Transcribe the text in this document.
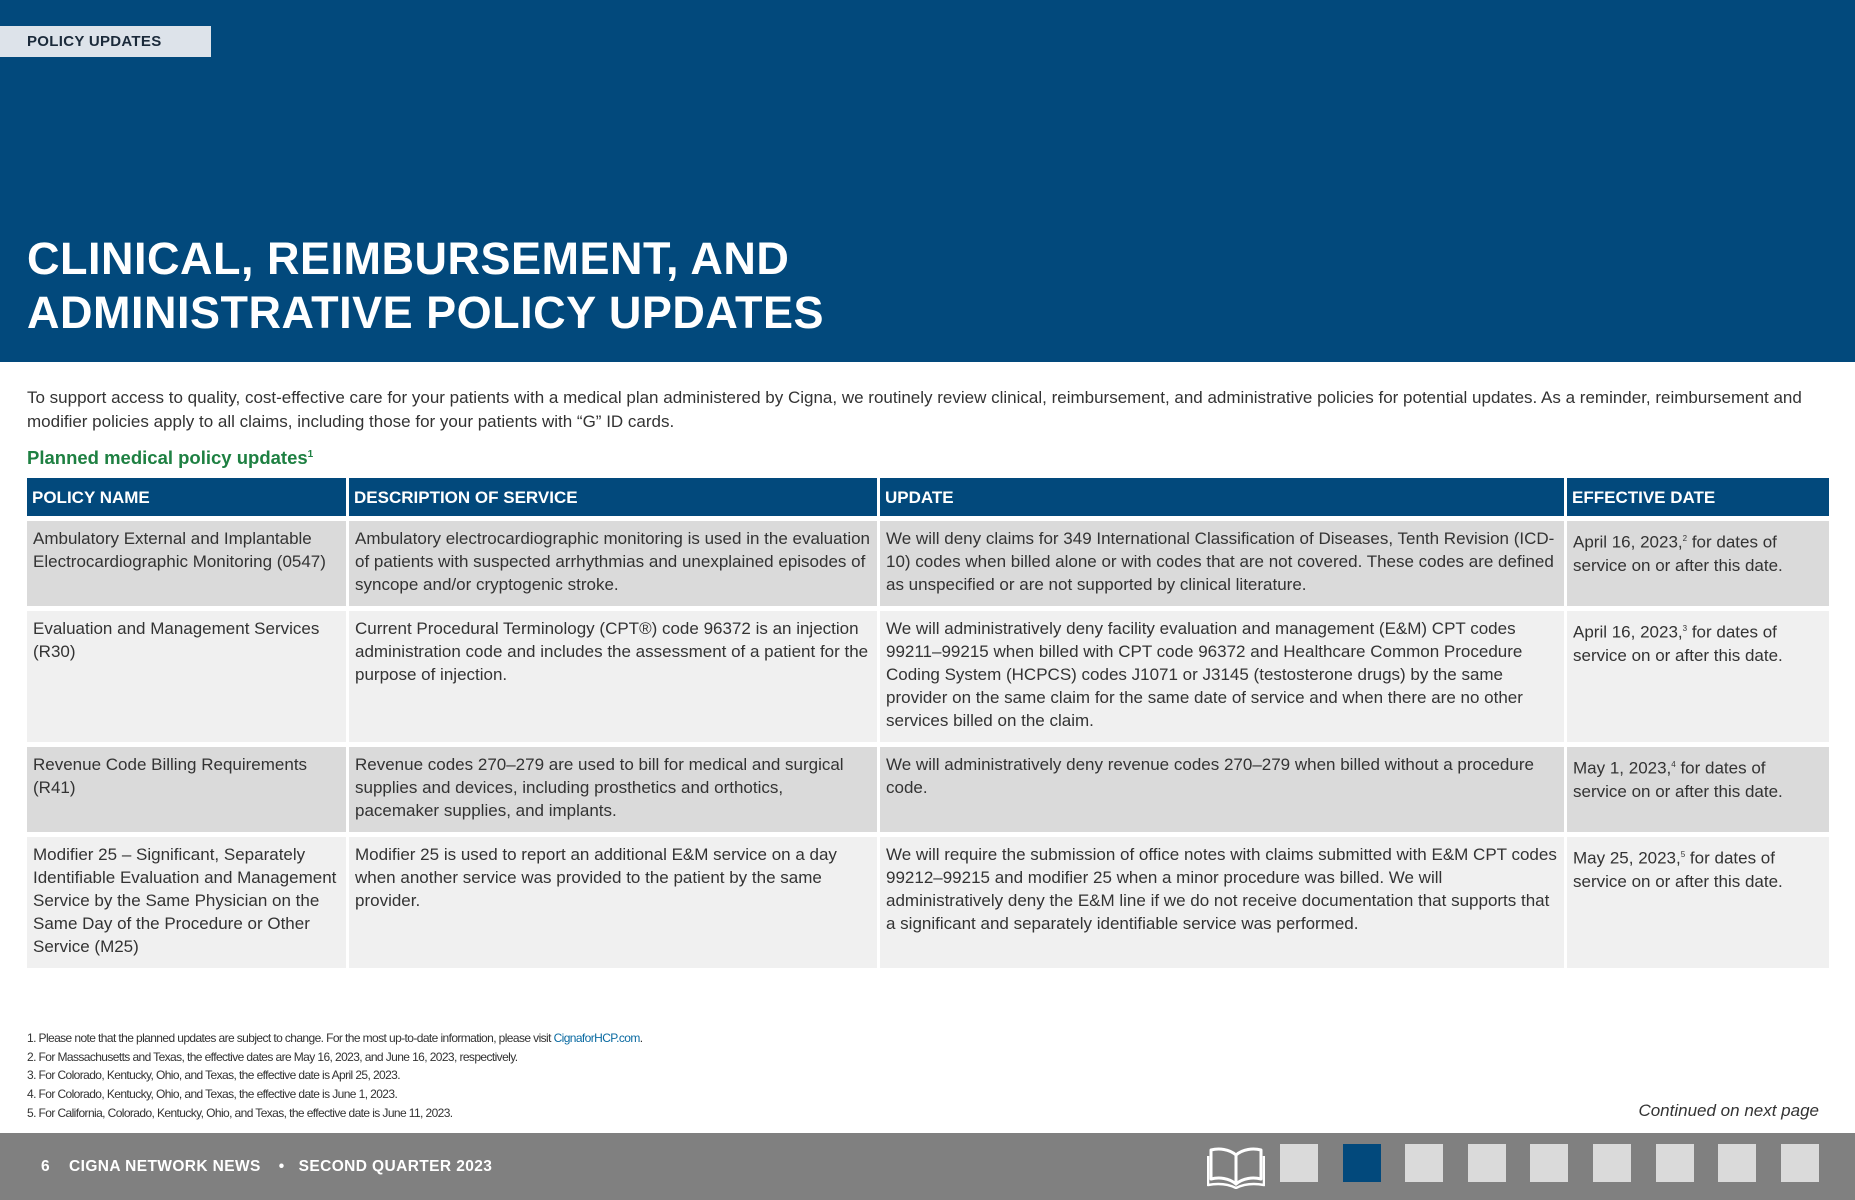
POLICY UPDATES
CLINICAL, REIMBURSEMENT, AND
ADMINISTRATIVE POLICY UPDATES

To support access to quality, cost-effective care for your patients with a medical plan administered by Cigna, we routinely review clinical, reimbursement, and administrative policies for potential updates. As a reminder, reimbursement and modifier policies apply to all claims, including those for your patients with “G” ID cards.

Planned medical policy updates$^1$
POLICY NAME	DESCRIPTION OF SERVICE	UPDATE	EFFECTIVE DATE
Ambulatory External and Implantable Electrocardiographic Monitoring (0547)	Ambulatory electrocardiographic monitoring is used in the evaluation of patients with suspected arrhythmias and unexplained episodes of syncope and/or cryptogenic stroke.	We will deny claims for 349 International Classification of Diseases, Tenth Revision (ICD-10) codes when billed alone or with codes that are not covered. These codes are defined as unspecified or are not supported by clinical literature.	April 16, 2023,$^2$ for dates of service on or after this date.
Evaluation and Management Services (R30)	Current Procedural Terminology (CPT®) code 96372 is an injection administration code and includes the assessment of a patient for the purpose of injection.	We will administratively deny facility evaluation and management (E&M) CPT codes 99211–99215 when billed with CPT code 96372 and Healthcare Common Procedure Coding System (HCPCS) codes J1071 or J3145 (testosterone drugs) by the same provider on the same claim for the same date of service and when there are no other services billed on the claim.	April 16, 2023,$^3$ for dates of service on or after this date.
Revenue Code Billing Requirements (R41)	Revenue codes 270–279 are used to bill for medical and surgical supplies and devices, including prosthetics and orthotics, pacemaker supplies, and implants.	We will administratively deny revenue codes 270–279 when billed without a procedure code.	May 1, 2023,$^4$ for dates of service on or after this date.
Modifier 25 – Significant, Separately Identifiable Evaluation and Management Service by the Same Physician on the Same Day of the Procedure or Other Service (M25)	Modifier 25 is used to report an additional E&M service on a day when another service was provided to the patient by the same provider.	We will require the submission of office notes with claims submitted with E&M CPT codes 99212–99215 and modifier 25 when a minor procedure was billed. We will administratively deny the E&M line if we do not receive documentation that supports that a significant and separately identifiable service was performed.	May 25, 2023,$^5$ for dates of service on or after this date.
1. Please note that the planned updates are subject to change. For the most up-to-date information, please visit CignaforHCP.com.
2. For Massachusetts and Texas, the effective dates are May 16, 2023, and June 16, 2023, respectively.
3. For Colorado, Kentucky, Ohio, and Texas, the effective date is April 25, 2023.
4. For Colorado, Kentucky, Ohio, and Texas, the effective date is June 1, 2023.
5. For California, Colorado, Kentucky, Ohio, and Texas, the effective date is June 11, 2023.	Continued on next page
6 CIGNA NETWORK NEWS • SECOND QUARTER 2023
